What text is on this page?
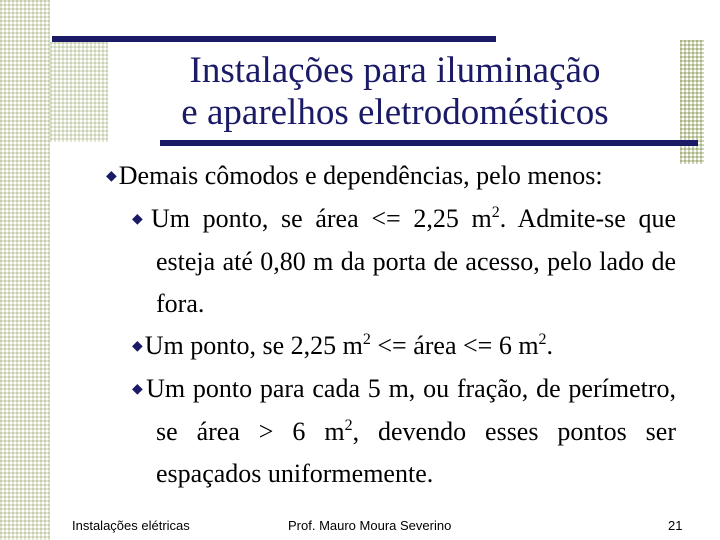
Instalações para iluminação
e aparelhos eletrodomésticos
◆Demais cômodos e dependências, pelo menos:
◆Um ponto, se área <= 2,25 $m^2$. Admite-se que esteja até 0,80 m da porta de acesso, pelo lado de fora.
◆Um ponto, se 2,25 $m^2$ <= área <= 6 $m^2$.
◆Um ponto para cada 5 m, ou fração, de perímetro, se área > 6 $m^2$, devendo esses pontos ser espaçados uniformemente.
Instalações elétricas	Prof. Mauro Moura Severino	21
